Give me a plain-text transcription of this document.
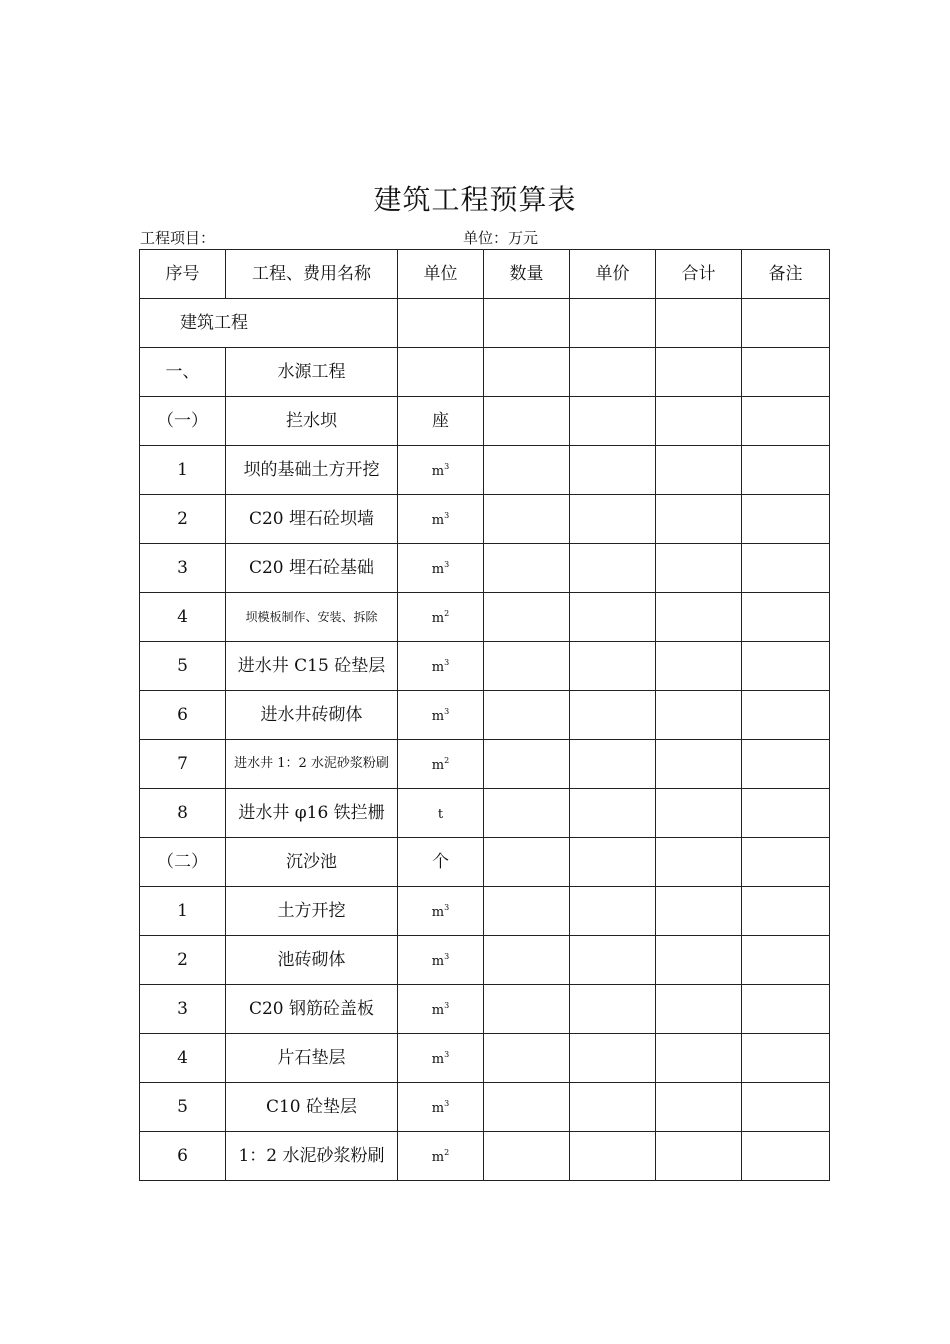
建筑工程预算表
工程项目：	单位：万元
序号	工程、费用名称	单位	数量	单价	合计	备注
建筑工程						
一、	水源工程					
（一）	拦水坝	座				
1	坝的基础土方开挖	$m^3$				
2	C20 埋石砼坝墙	$m^3$				
3	C20 埋石砼基础	$m^3$				
4	坝模板制作、安装、拆除	$m^2$				
5	进水井 C15 砼垫层	$m^3$				
6	进水井砖砌体	$m^3$				
7	进水井 1：2 水泥砂浆粉刷	$m^2$				
8	进水井 φ16 铁拦栅	t				
（二）	沉沙池	个				
1	土方开挖	$m^3$				
2	池砖砌体	$m^3$				
3	C20 钢筋砼盖板	$m^3$				
4	片石垫层	$m^3$				
5	C10 砼垫层	$m^3$				
6	1：2 水泥砂浆粉刷	$m^2$				
